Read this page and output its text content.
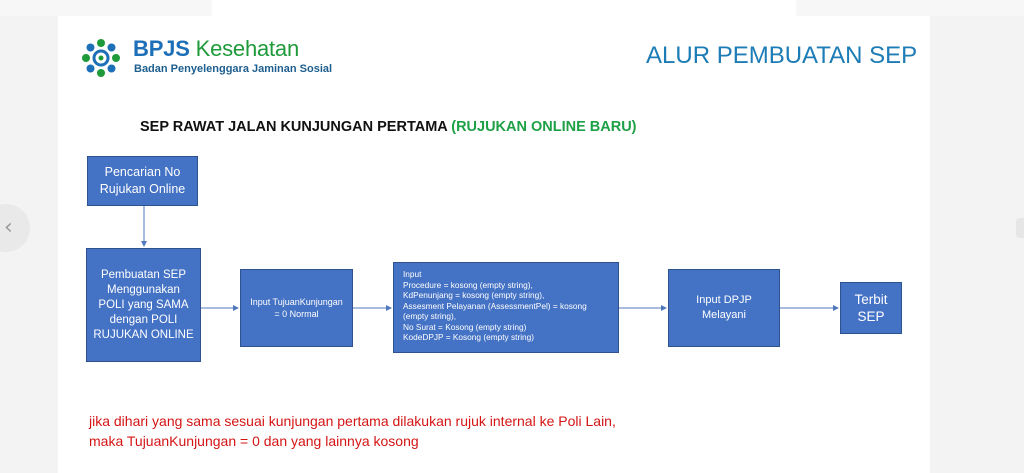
‹
BPJS Kesehatan
Badan Penyelenggara Jaminan Sosial	ALUR PEMBUATAN SEP
SEP RAWAT JALAN KUNJUNGAN PERTAMA (RUJUKAN ONLINE BARU)
Pencarian No
Rujukan Online
Pembuatan SEP
Menggunakan
POLI yang SAMA
dengan POLI
RUJUKAN ONLINE
Input TujuanKunjungan
= 0 Normal
Input
Procedure = kosong (empty string),
KdPenunjang = kosong (empty string),
Assesment Pelayanan (AssessmentPel) = kosong
(empty string),
No Surat = Kosong (empty string)
KodeDPJP = Kosong (empty string)
Input DPJP
Melayani
Terbit
SEP
jika dihari yang sama sesuai kunjungan pertama dilakukan rujuk internal ke Poli Lain,
maka TujuanKunjungan = 0 dan yang lainnya kosong
